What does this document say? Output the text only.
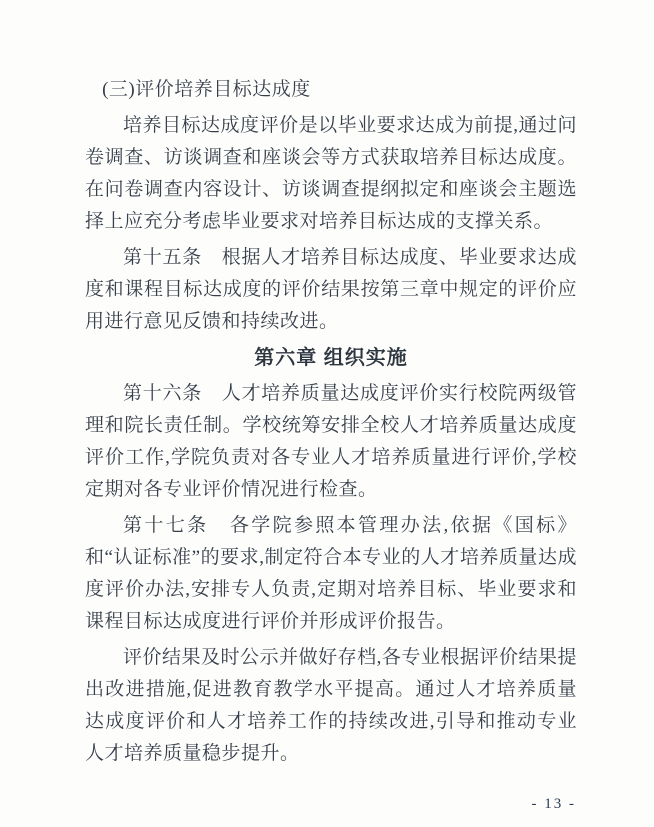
(三)评价培养目标达成度

培养目标达成度评价是以毕业要求达成为前提,通过问卷调查、访谈调查和座谈会等方式获取培养目标达成度。在问卷调查内容设计、访谈调查提纲拟定和座谈会主题选择上应充分考虑毕业要求对培养目标达成的支撑关系。

第十五条　根据人才培养目标达成度、毕业要求达成度和课程目标达成度的评价结果按第三章中规定的评价应用进行意见反馈和持续改进。

第六章 组织实施

第十六条　人才培养质量达成度评价实行校院两级管理和院长责任制。学校统筹安排全校人才培养质量达成度评价工作,学院负责对各专业人才培养质量进行评价,学校定期对各专业评价情况进行检查。

第十七条　各学院参照本管理办法,依据《国标》和“认证标准”的要求,制定符合本专业的人才培养质量达成度评价办法,安排专人负责,定期对培养目标、毕业要求和课程目标达成度进行评价并形成评价报告。

评价结果及时公示并做好存档,各专业根据评价结果提出改进措施,促进教育教学水平提高。通过人才培养质量达成度评价和人才培养工作的持续改进,引导和推动专业人才培养质量稳步提升。

- 13 -
